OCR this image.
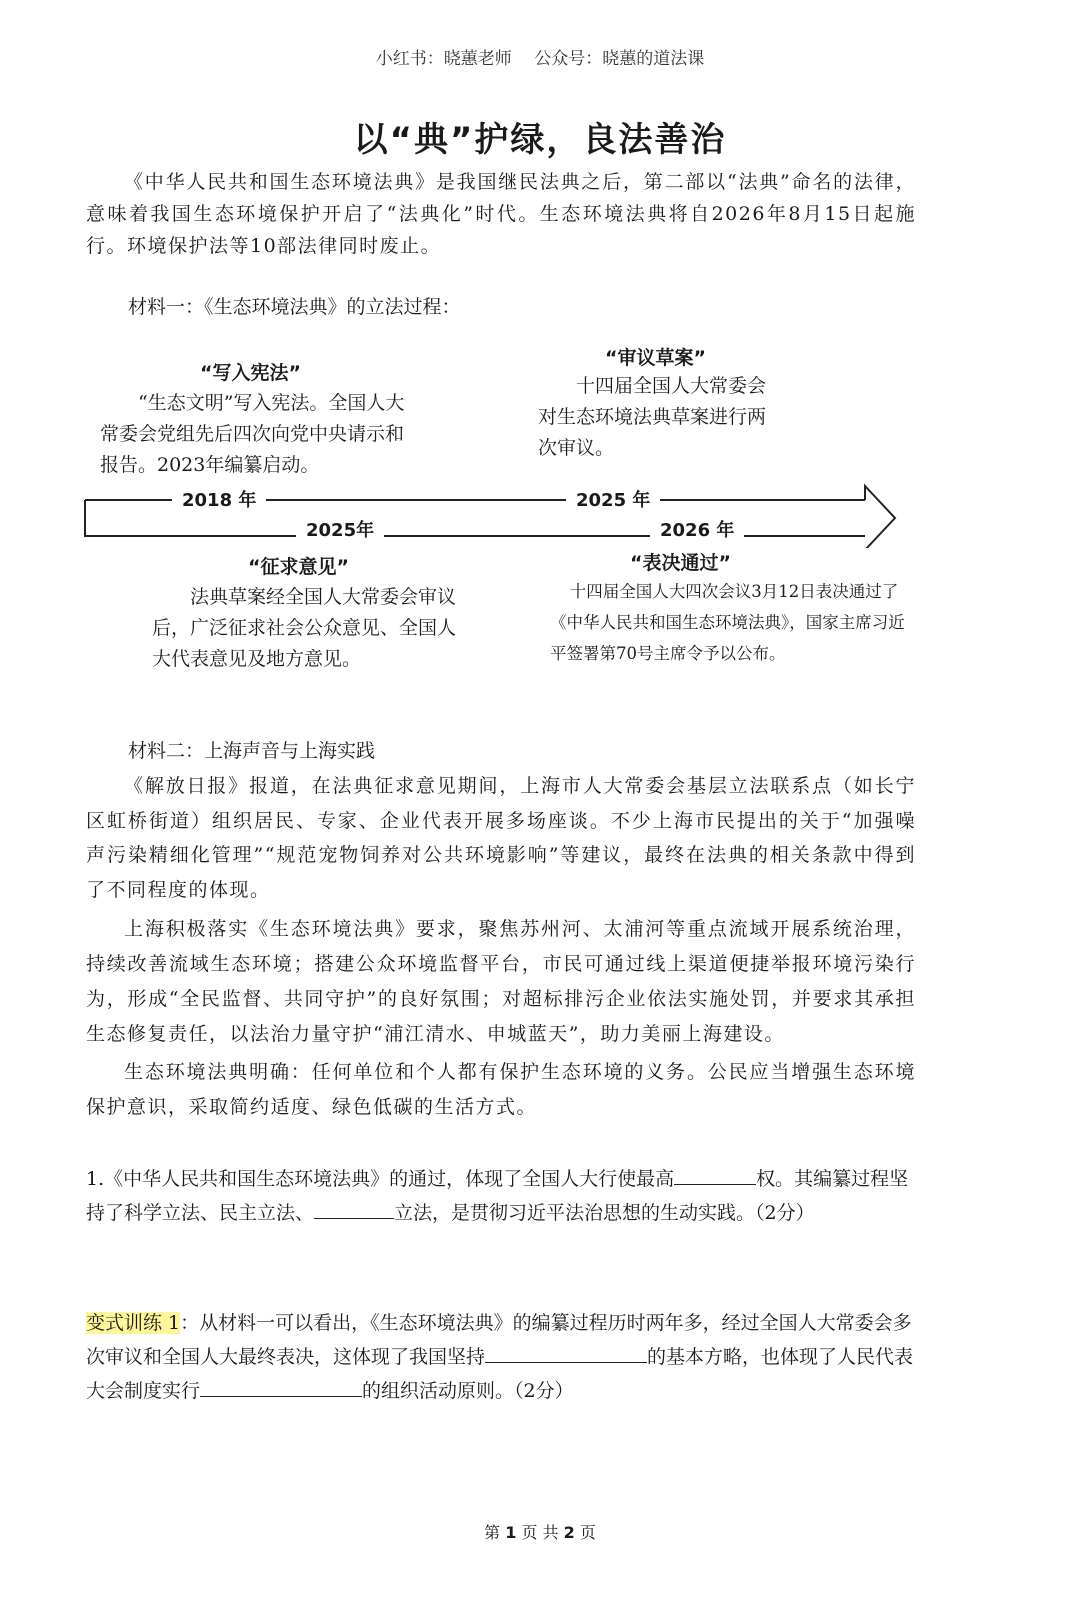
小红书：晓蕙老师　 公众号：晓蕙的道法课
以“典”护绿，良法善治
《中华人民共和国生态环境法典》是我国继民法典之后，第二部以“法典”命名的法律，意味着我国生态环境保护开启了“法典化”时代。生态环境法典将自2026年8月15日起施行。环境保护法等10部法律同时废止。
材料一：《生态环境法典》的立法过程：
“写入宪法”
“生态文明”写入宪法。全国人大常委会党组先后四次向党中央请示和报告。2023年编纂启动。
“审议草案”
十四届全国人大常委会对生态环境法典草案进行两次审议。
2018 年	2025 年
2025年	2026 年
“征求意见”
法典草案经全国人大常委会审议后，广泛征求社会公众意见、全国人大代表意见及地方意见。
“表决通过”
十四届全国人大四次会议3月12日表决通过了《中华人民共和国生态环境法典》，国家主席习近平签署第70号主席令予以公布。
材料二：上海声音与上海实践
《解放日报》报道，在法典征求意见期间，上海市人大常委会基层立法联系点（如长宁区虹桥街道）组织居民、专家、企业代表开展多场座谈。不少上海市民提出的关于“加强噪声污染精细化管理”“规范宠物饲养对公共环境影响”等建议，最终在法典的相关条款中得到了不同程度的体现。
上海积极落实《生态环境法典》要求，聚焦苏州河、太浦河等重点流域开展系统治理，持续改善流域生态环境；搭建公众环境监督平台，市民可通过线上渠道便捷举报环境污染行为，形成“全民监督、共同守护”的良好氛围；对超标排污企业依法实施处罚，并要求其承担生态修复责任，以法治力量守护“浦江清水、申城蓝天”，助力美丽上海建设。
生态环境法典明确：任何单位和个人都有保护生态环境的义务。公民应当增强生态环境保护意识，采取简约适度、绿色低碳的生活方式。
1.《中华人民共和国生态环境法典》的通过，体现了全国人大行使最高	权。其编纂过程坚持了科学立法、民主立法、	立法，是贯彻习近平法治思想的生动实践。（2分）
变式训练 1：从材料一可以看出，《生态环境法典》的编纂过程历时两年多，经过全国人大常委会多次审议和全国人大最终表决，这体现了我国坚持	的基本方略，也体现了人民代表大会制度实行	的组织活动原则。（2分）
第 1 页 共 2 页
